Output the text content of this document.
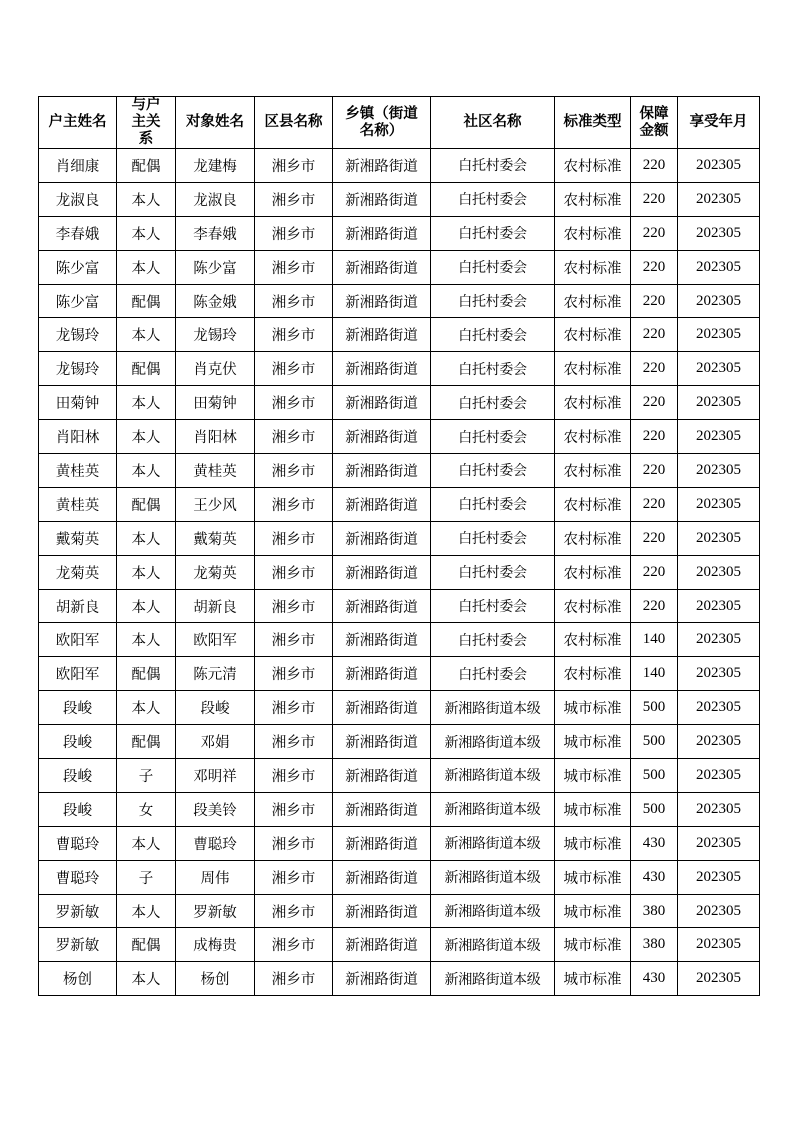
户主姓名	与户主关系	对象姓名	区县名称	乡镇（街道名称）	社区名称	标准类型	保障金额	享受年月
肖细康	配偶	龙建梅	湘乡市	新湘路街道	白托村委会	农村标准	220	202305
龙淑良	本人	龙淑良	湘乡市	新湘路街道	白托村委会	农村标准	220	202305
李春娥	本人	李春娥	湘乡市	新湘路街道	白托村委会	农村标准	220	202305
陈少富	本人	陈少富	湘乡市	新湘路街道	白托村委会	农村标准	220	202305
陈少富	配偶	陈金娥	湘乡市	新湘路街道	白托村委会	农村标准	220	202305
龙锡玲	本人	龙锡玲	湘乡市	新湘路街道	白托村委会	农村标准	220	202305
龙锡玲	配偶	肖克伏	湘乡市	新湘路街道	白托村委会	农村标准	220	202305
田菊钟	本人	田菊钟	湘乡市	新湘路街道	白托村委会	农村标准	220	202305
肖阳林	本人	肖阳林	湘乡市	新湘路街道	白托村委会	农村标准	220	202305
黄桂英	本人	黄桂英	湘乡市	新湘路街道	白托村委会	农村标准	220	202305
黄桂英	配偶	王少风	湘乡市	新湘路街道	白托村委会	农村标准	220	202305
戴菊英	本人	戴菊英	湘乡市	新湘路街道	白托村委会	农村标准	220	202305
龙菊英	本人	龙菊英	湘乡市	新湘路街道	白托村委会	农村标准	220	202305
胡新良	本人	胡新良	湘乡市	新湘路街道	白托村委会	农村标准	220	202305
欧阳军	本人	欧阳军	湘乡市	新湘路街道	白托村委会	农村标准	140	202305
欧阳军	配偶	陈元清	湘乡市	新湘路街道	白托村委会	农村标准	140	202305
段峻	本人	段峻	湘乡市	新湘路街道	新湘路街道本级	城市标准	500	202305
段峻	配偶	邓娟	湘乡市	新湘路街道	新湘路街道本级	城市标准	500	202305
段峻	子	邓明祥	湘乡市	新湘路街道	新湘路街道本级	城市标准	500	202305
段峻	女	段美铃	湘乡市	新湘路街道	新湘路街道本级	城市标准	500	202305
曹聪玲	本人	曹聪玲	湘乡市	新湘路街道	新湘路街道本级	城市标准	430	202305
曹聪玲	子	周伟	湘乡市	新湘路街道	新湘路街道本级	城市标准	430	202305
罗新敏	本人	罗新敏	湘乡市	新湘路街道	新湘路街道本级	城市标准	380	202305
罗新敏	配偶	成梅贵	湘乡市	新湘路街道	新湘路街道本级	城市标准	380	202305
杨创	本人	杨创	湘乡市	新湘路街道	新湘路街道本级	城市标准	430	202305
